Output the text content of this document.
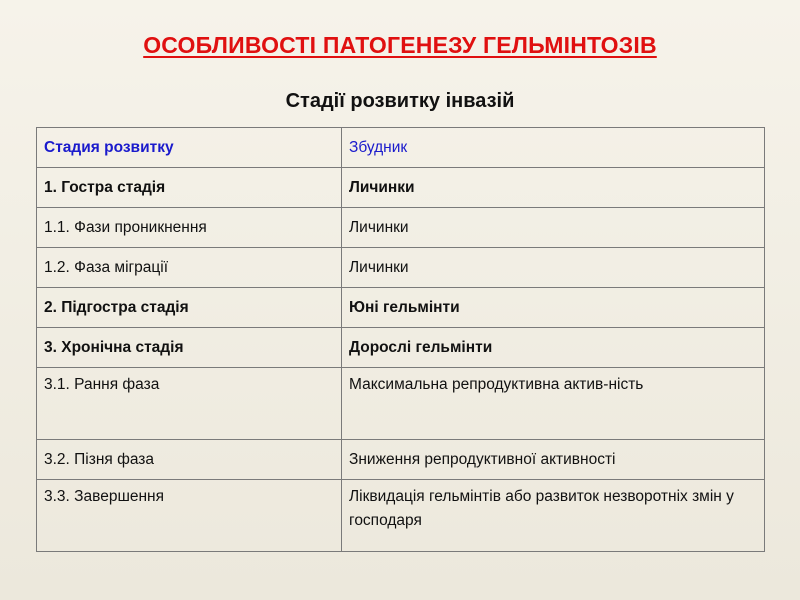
ОСОБЛИВОСТІ ПАТОГЕНЕЗУ ГЕЛЬМІНТОЗІВ
Стадії розвитку інвазій
Стадия розвитку	Збудник
1. Гостра стадія	Личинки
1.1. Фази проникнення	Личинки
1.2. Фаза міграції	Личинки
2. Підгостра стадія	Юні гельмінти
3. Хронічна стадія	Дорослі гельмінти
3.1. Рання фаза	Максимальна репродуктивна актив-ність
3.2. Пізня фаза	Зниження репродуктивної активності
3.3. Завершення	Ліквидація гельмінтів або развиток незворотніх змін у господаря
